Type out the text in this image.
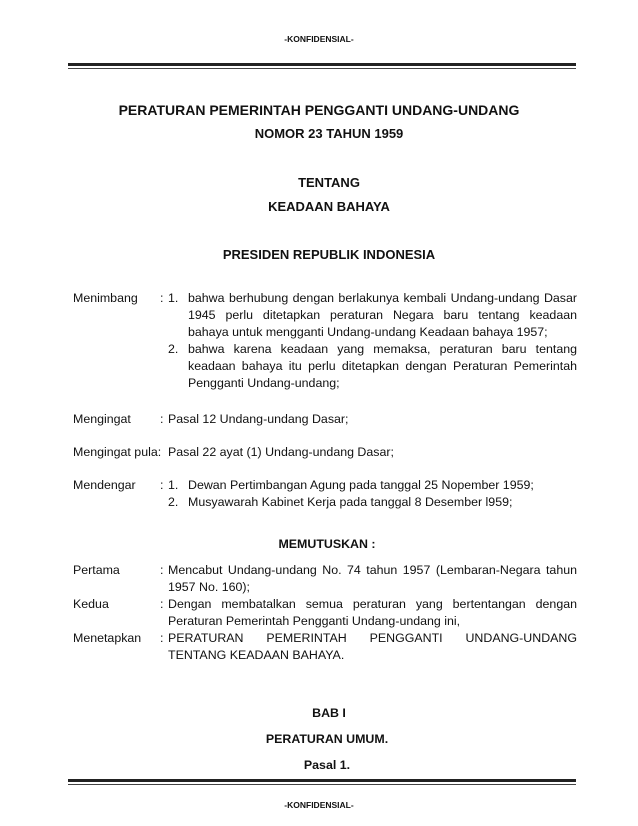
-KONFIDENSIAL-
PERATURAN PEMERINTAH PENGGANTI UNDANG-UNDANG
NOMOR 23 TAHUN 1959
TENTANG
KEADAAN BAHAYA
PRESIDEN REPUBLIK INDONESIA
Menimbang : 1. bahwa berhubung dengan berlakunya kembali Undang-undang Dasar
1945 perlu ditetapkan peraturan Negara baru tentang keadaan
bahaya untuk mengganti Undang-undang Keadaan bahaya 1957;
2. bahwa karena keadaan yang memaksa, peraturan baru tentang
keadaan bahaya itu perlu ditetapkan dengan Peraturan Pemerintah
Pengganti Undang-undang;
Mengingat : Pasal 12 Undang-undang Dasar;
Mengingat pula: Pasal 22 ayat (1) Undang-undang Dasar;
Mendengar : 1. Dewan Pertimbangan Agung pada tanggal 25 Nopember 1959;
2. Musyawarah Kabinet Kerja pada tanggal 8 Desember l959;
MEMUTUSKAN :
Pertama	: Mencabut Undang-undang No. 74 tahun 1957 (Lembaran-Negara tahun
1957 No. 160);
Kedua	: Dengan membatalkan semua peraturan yang bertentangan dengan
Peraturan Pemerintah Pengganti Undang-undang ini,
Menetapkan : PERATURAN PEMERINTAH PENGGANTI UNDANG-UNDANG
TENTANG KEADAAN BAHAYA.
BAB I
PERATURAN UMUM.
Pasal 1.
-KONFIDENSIAL-
